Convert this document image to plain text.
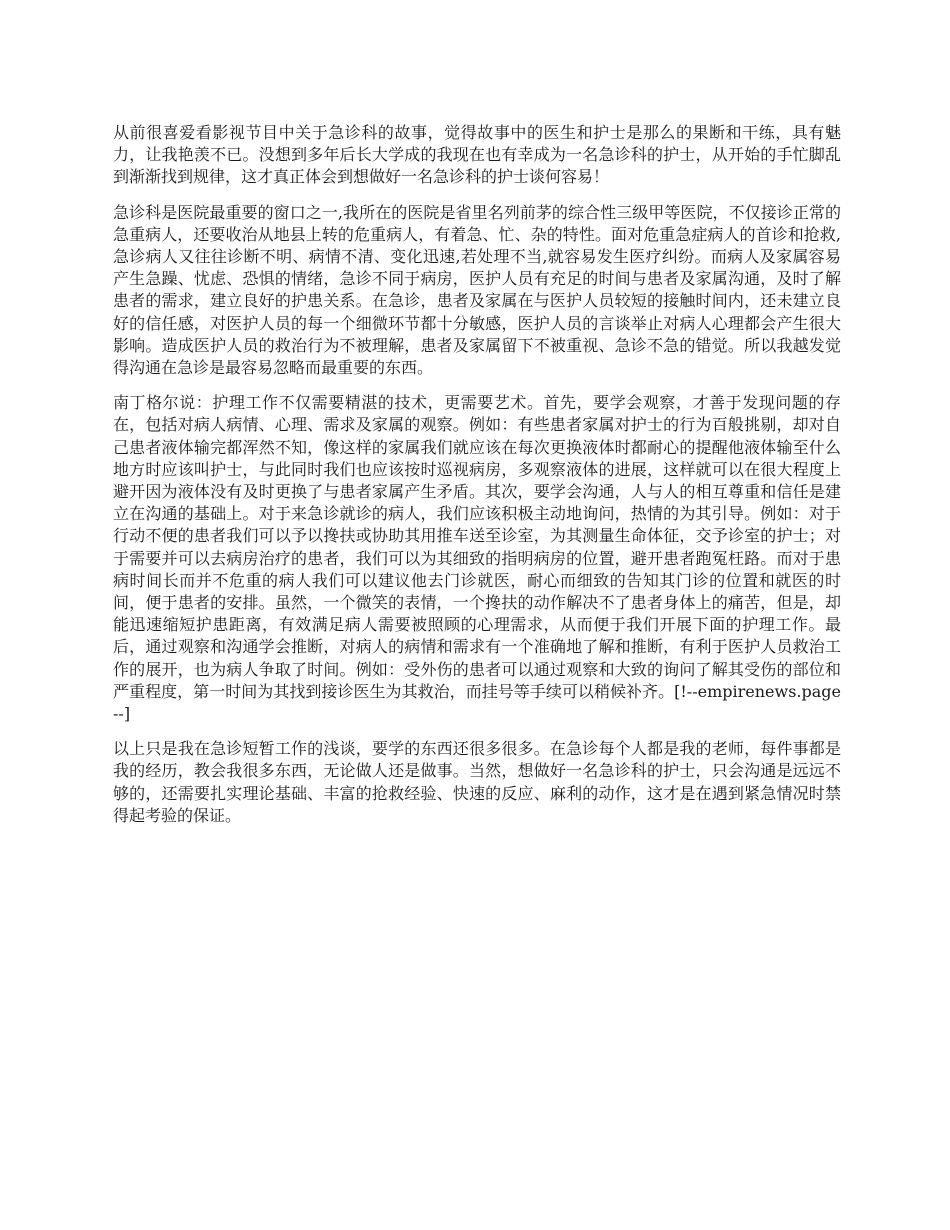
从前很喜爱看影视节目中关于急诊科的故事，觉得故事中的医生和护士是那么的果断和干练，具有魅力，让我艳羡不已。没想到多年后长大学成的我现在也有幸成为一名急诊科的护士，从开始的手忙脚乱到渐渐找到规律，这才真正体会到想做好一名急诊科的护士谈何容易！

急诊科是医院最重要的窗口之一,我所在的医院是省里名列前茅的综合性三级甲等医院，不仅接诊正常的急重病人，还要收治从地县上转的危重病人，有着急、忙、杂的特性。面对危重急症病人的首诊和抢救,急诊病人又往往诊断不明、病情不清、变化迅速,若处理不当,就容易发生医疗纠纷。而病人及家属容易产生急躁、忧虑、恐惧的情绪，急诊不同于病房，医护人员有充足的时间与患者及家属沟通，及时了解患者的需求，建立良好的护患关系。在急诊，患者及家属在与医护人员较短的接触时间内，还未建立良好的信任感，对医护人员的每一个细微环节都十分敏感，医护人员的言谈举止对病人心理都会产生很大影响。造成医护人员的救治行为不被理解，患者及家属留下不被重视、急诊不急的错觉。所以我越发觉得沟通在急诊是最容易忽略而最重要的东西。

南丁格尔说：护理工作不仅需要精湛的技术，更需要艺术。首先，要学会观察，才善于发现问题的存在，包括对病人病情、心理、需求及家属的观察。例如：有些患者家属对护士的行为百般挑剔，却对自己患者液体输完都浑然不知，像这样的家属我们就应该在每次更换液体时都耐心的提醒他液体输至什么地方时应该叫护士，与此同时我们也应该按时巡视病房，多观察液体的进展，这样就可以在很大程度上避开因为液体没有及时更换了与患者家属产生矛盾。其次，要学会沟通，人与人的相互尊重和信任是建立在沟通的基础上。对于来急诊就诊的病人，我们应该积极主动地询问，热情的为其引导。例如：对于行动不便的患者我们可以予以搀扶或协助其用推车送至诊室，为其测量生命体征，交予诊室的护士；对于需要并可以去病房治疗的患者，我们可以为其细致的指明病房的位置，避开患者跑冤枉路。而对于患病时间长而并不危重的病人我们可以建议他去门诊就医，耐心而细致的告知其门诊的位置和就医的时间，便于患者的安排。虽然，一个微笑的表情，一个搀扶的动作解决不了患者身体上的痛苦，但是，却能迅速缩短护患距离，有效满足病人需要被照顾的心理需求，从而便于我们开展下面的护理工作。最后，通过观察和沟通学会推断，对病人的病情和需求有一个准确地了解和推断，有利于医护人员救治工作的展开，也为病人争取了时间。例如：受外伤的患者可以通过观察和大致的询问了解其受伤的部位和严重程度，第一时间为其找到接诊医生为其救治，而挂号等手续可以稍候补齐。[!--empirenews.page--]

以上只是我在急诊短暂工作的浅谈，要学的东西还很多很多。在急诊每个人都是我的老师，每件事都是我的经历，教会我很多东西，无论做人还是做事。当然，想做好一名急诊科的护士，只会沟通是远远不够的，还需要扎实理论基础、丰富的抢救经验、快速的反应、麻利的动作，这才是在遇到紧急情况时禁得起考验的保证。
